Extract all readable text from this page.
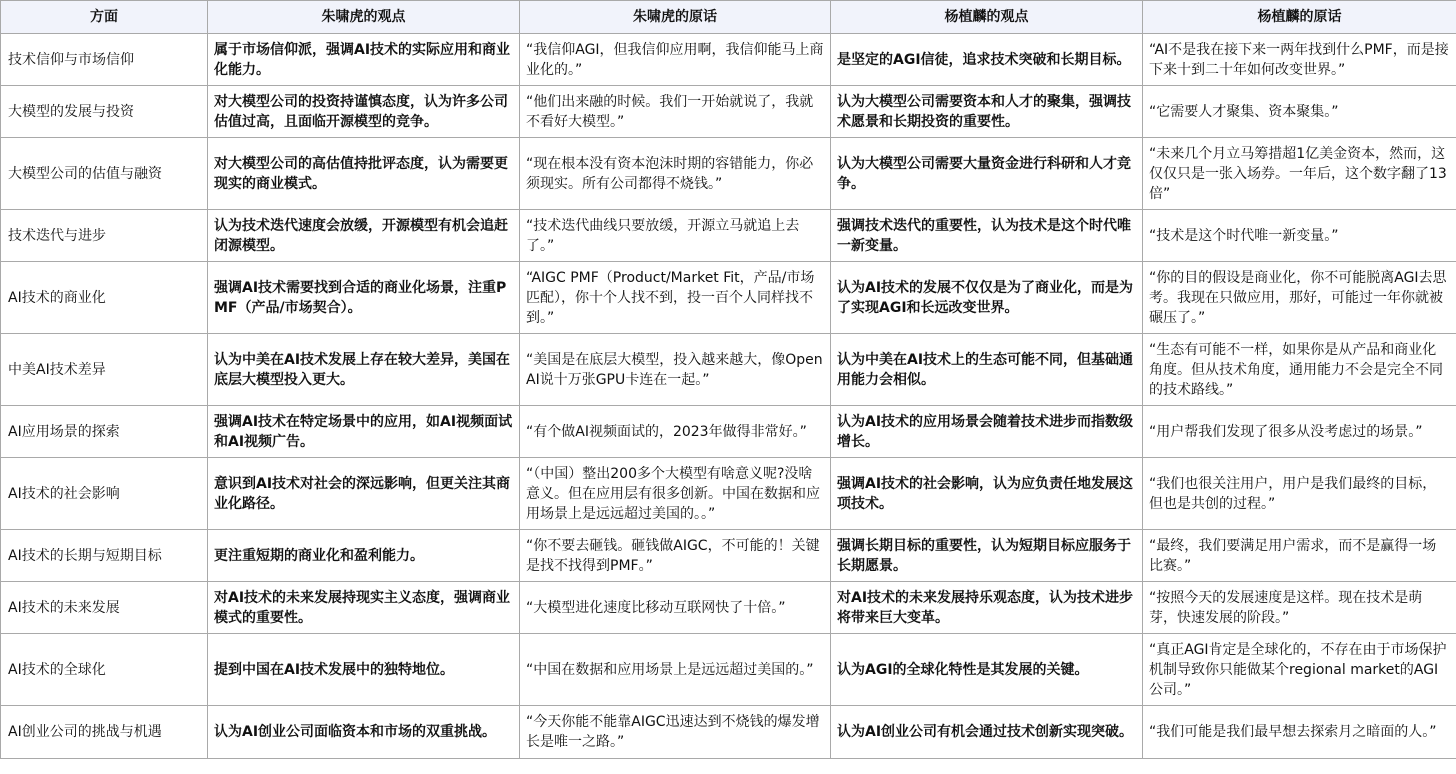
方面	朱啸虎的观点	朱啸虎的原话	杨植麟的观点	杨植麟的原话
技术信仰与市场信仰	属于市场信仰派，强调AI技术的实际应用和商业化能力。	“我信仰AGI，但我信仰应用啊，我信仰能马上商业化的。”	是坚定的AGI信徒，追求技术突破和长期目标。	“AI不是我在接下来一两年找到什么PMF，而是接下来十到二十年如何改变世界。”
大模型的发展与投资	对大模型公司的投资持谨慎态度，认为许多公司估值过高，且面临开源模型的竞争。	“他们出来融的时候。我们一开始就说了，我就不看好大模型。”	认为大模型公司需要资本和人才的聚集，强调技术愿景和长期投资的重要性。	“它需要人才聚集、资本聚集。”
大模型公司的估值与融资	对大模型公司的高估值持批评态度，认为需要更现实的商业模式。	“现在根本没有资本泡沫时期的容错能力，你必须现实。所有公司都得不烧钱。”	认为大模型公司需要大量资金进行科研和人才竞争。	“未来几个月立马筹措超1亿美金资本，然而，这仅仅只是一张入场券。一年后，这个数字翻了13倍”
技术迭代与进步	认为技术迭代速度会放缓，开源模型有机会追赶闭源模型。	“技术迭代曲线只要放缓，开源立马就追上去了。”	强调技术迭代的重要性，认为技术是这个时代唯一新变量。	“技术是这个时代唯一新变量。”
AI技术的商业化	强调AI技术需要找到合适的商业化场景，注重PMF（产品/市场契合）。	“AIGC PMF（Product/Market Fit，产品/市场匹配），你十个人找不到，投一百个人同样找不到。”	认为AI技术的发展不仅仅是为了商业化，而是为了实现AGI和长远改变世界。	“你的目的假设是商业化，你不可能脱离AGI去思考。我现在只做应用，那好，可能过一年你就被碾压了。”
中美AI技术差异	认为中美在AI技术发展上存在较大差异，美国在底层大模型投入更大。	“美国是在底层大模型，投入越来越大，像OpenAI说十万张GPU卡连在一起。”	认为中美在AI技术上的生态可能不同，但基础通用能力会相似。	“生态有可能不一样，如果你是从产品和商业化角度。但从技术角度，通用能力不会是完全不同的技术路线。”
AI应用场景的探索	强调AI技术在特定场景中的应用，如AI视频面试和AI视频广告。	“有个做AI视频面试的，2023年做得非常好。”	认为AI技术的应用场景会随着技术进步而指数级增长。	“用户帮我们发现了很多从没考虑过的场景。”
AI技术的社会影响	意识到AI技术对社会的深远影响，但更关注其商业化路径。	“（中国）整出200多个大模型有啥意义呢?没啥意义。但在应用层有很多创新。中国在数据和应用场景上是远远超过美国的。。”	强调AI技术的社会影响，认为应负责任地发展这项技术。	“我们也很关注用户，用户是我们最终的目标，但也是共创的过程。”
AI技术的长期与短期目标	更注重短期的商业化和盈利能力。	“你不要去砸钱。砸钱做AIGC，不可能的！关键是找不找得到PMF。”	强调长期目标的重要性，认为短期目标应服务于长期愿景。	“最终，我们要满足用户需求，而不是赢得一场比赛。”
AI技术的未来发展	对AI技术的未来发展持现实主义态度，强调商业模式的重要性。	“大模型进化速度比移动互联网快了十倍。”	对AI技术的未来发展持乐观态度，认为技术进步将带来巨大变革。	“按照今天的发展速度是这样。现在技术是萌芽，快速发展的阶段。”
AI技术的全球化	提到中国在AI技术发展中的独特地位。	“中国在数据和应用场景上是远远超过美国的。”	认为AGI的全球化特性是其发展的关键。	“真正AGI肯定是全球化的，不存在由于市场保护机制导致你只能做某个regional market的AGI公司。”
AI创业公司的挑战与机遇	认为AI创业公司面临资本和市场的双重挑战。	“今天你能不能靠AIGC迅速达到不烧钱的爆发增长是唯一之路。”	认为AI创业公司有机会通过技术创新实现突破。	“我们可能是我们最早想去探索月之暗面的人。”
